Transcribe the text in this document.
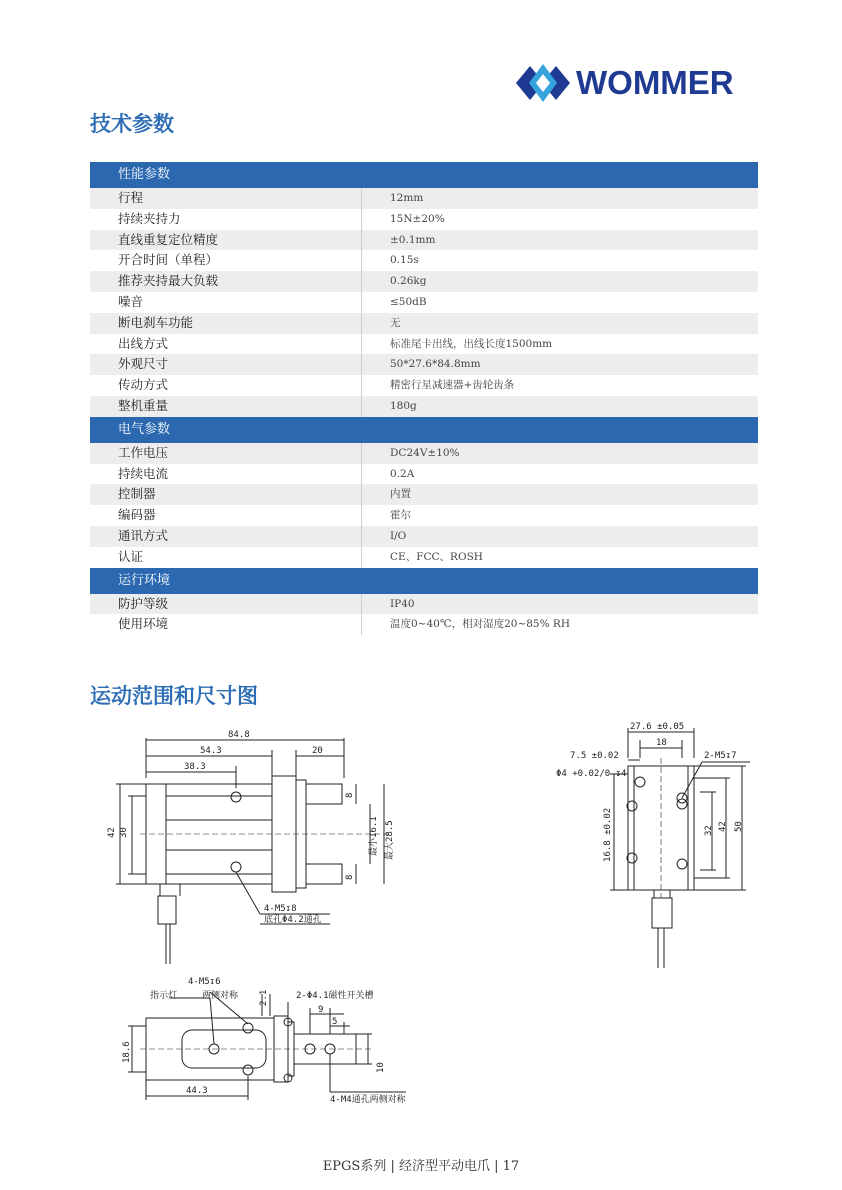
WOMMER
技术参数
性能参数
行程	12mm
持续夹持力	15N±20%
直线重复定位精度	±0.1mm
开合时间（单程）	0.15s
推荐夹持最大负载	0.26kg
噪音	≤50dB
断电刹车功能	无
出线方式	标准尾卡出线，出线长度1500mm
外观尺寸	50*27.6*84.8mm
传动方式	精密行星减速器+齿轮齿条
整机重量	180g
电气参数
工作电压	DC24V±10%
持续电流	0.2A
控制器	内置
编码器	霍尔
通讯方式	I/O
认证	CE、FCC、ROSH
运行环境
防护等级	IP40
使用环境	温度0~40℃，相对湿度20~85% RH
运动范围和尺寸图
84.8
54.3	20
38.3
42 30
8
8
最小16.1 最大28.5
4-M5↧8
底孔Φ4.2通孔
27.6 ±0.05
18
7.5 ±0.02
Φ4 +0.02/0 ↧4
2-M5↧7
50
42
32
16.8 ±0.02
4-M5↧6
指示灯	两侧对称 2.1	2-Φ4.1磁性开关槽
9
5
10
18.6
44.3
4-M4通孔两侧对称
EPGS系列 | 经济型平动电爪 | 17
